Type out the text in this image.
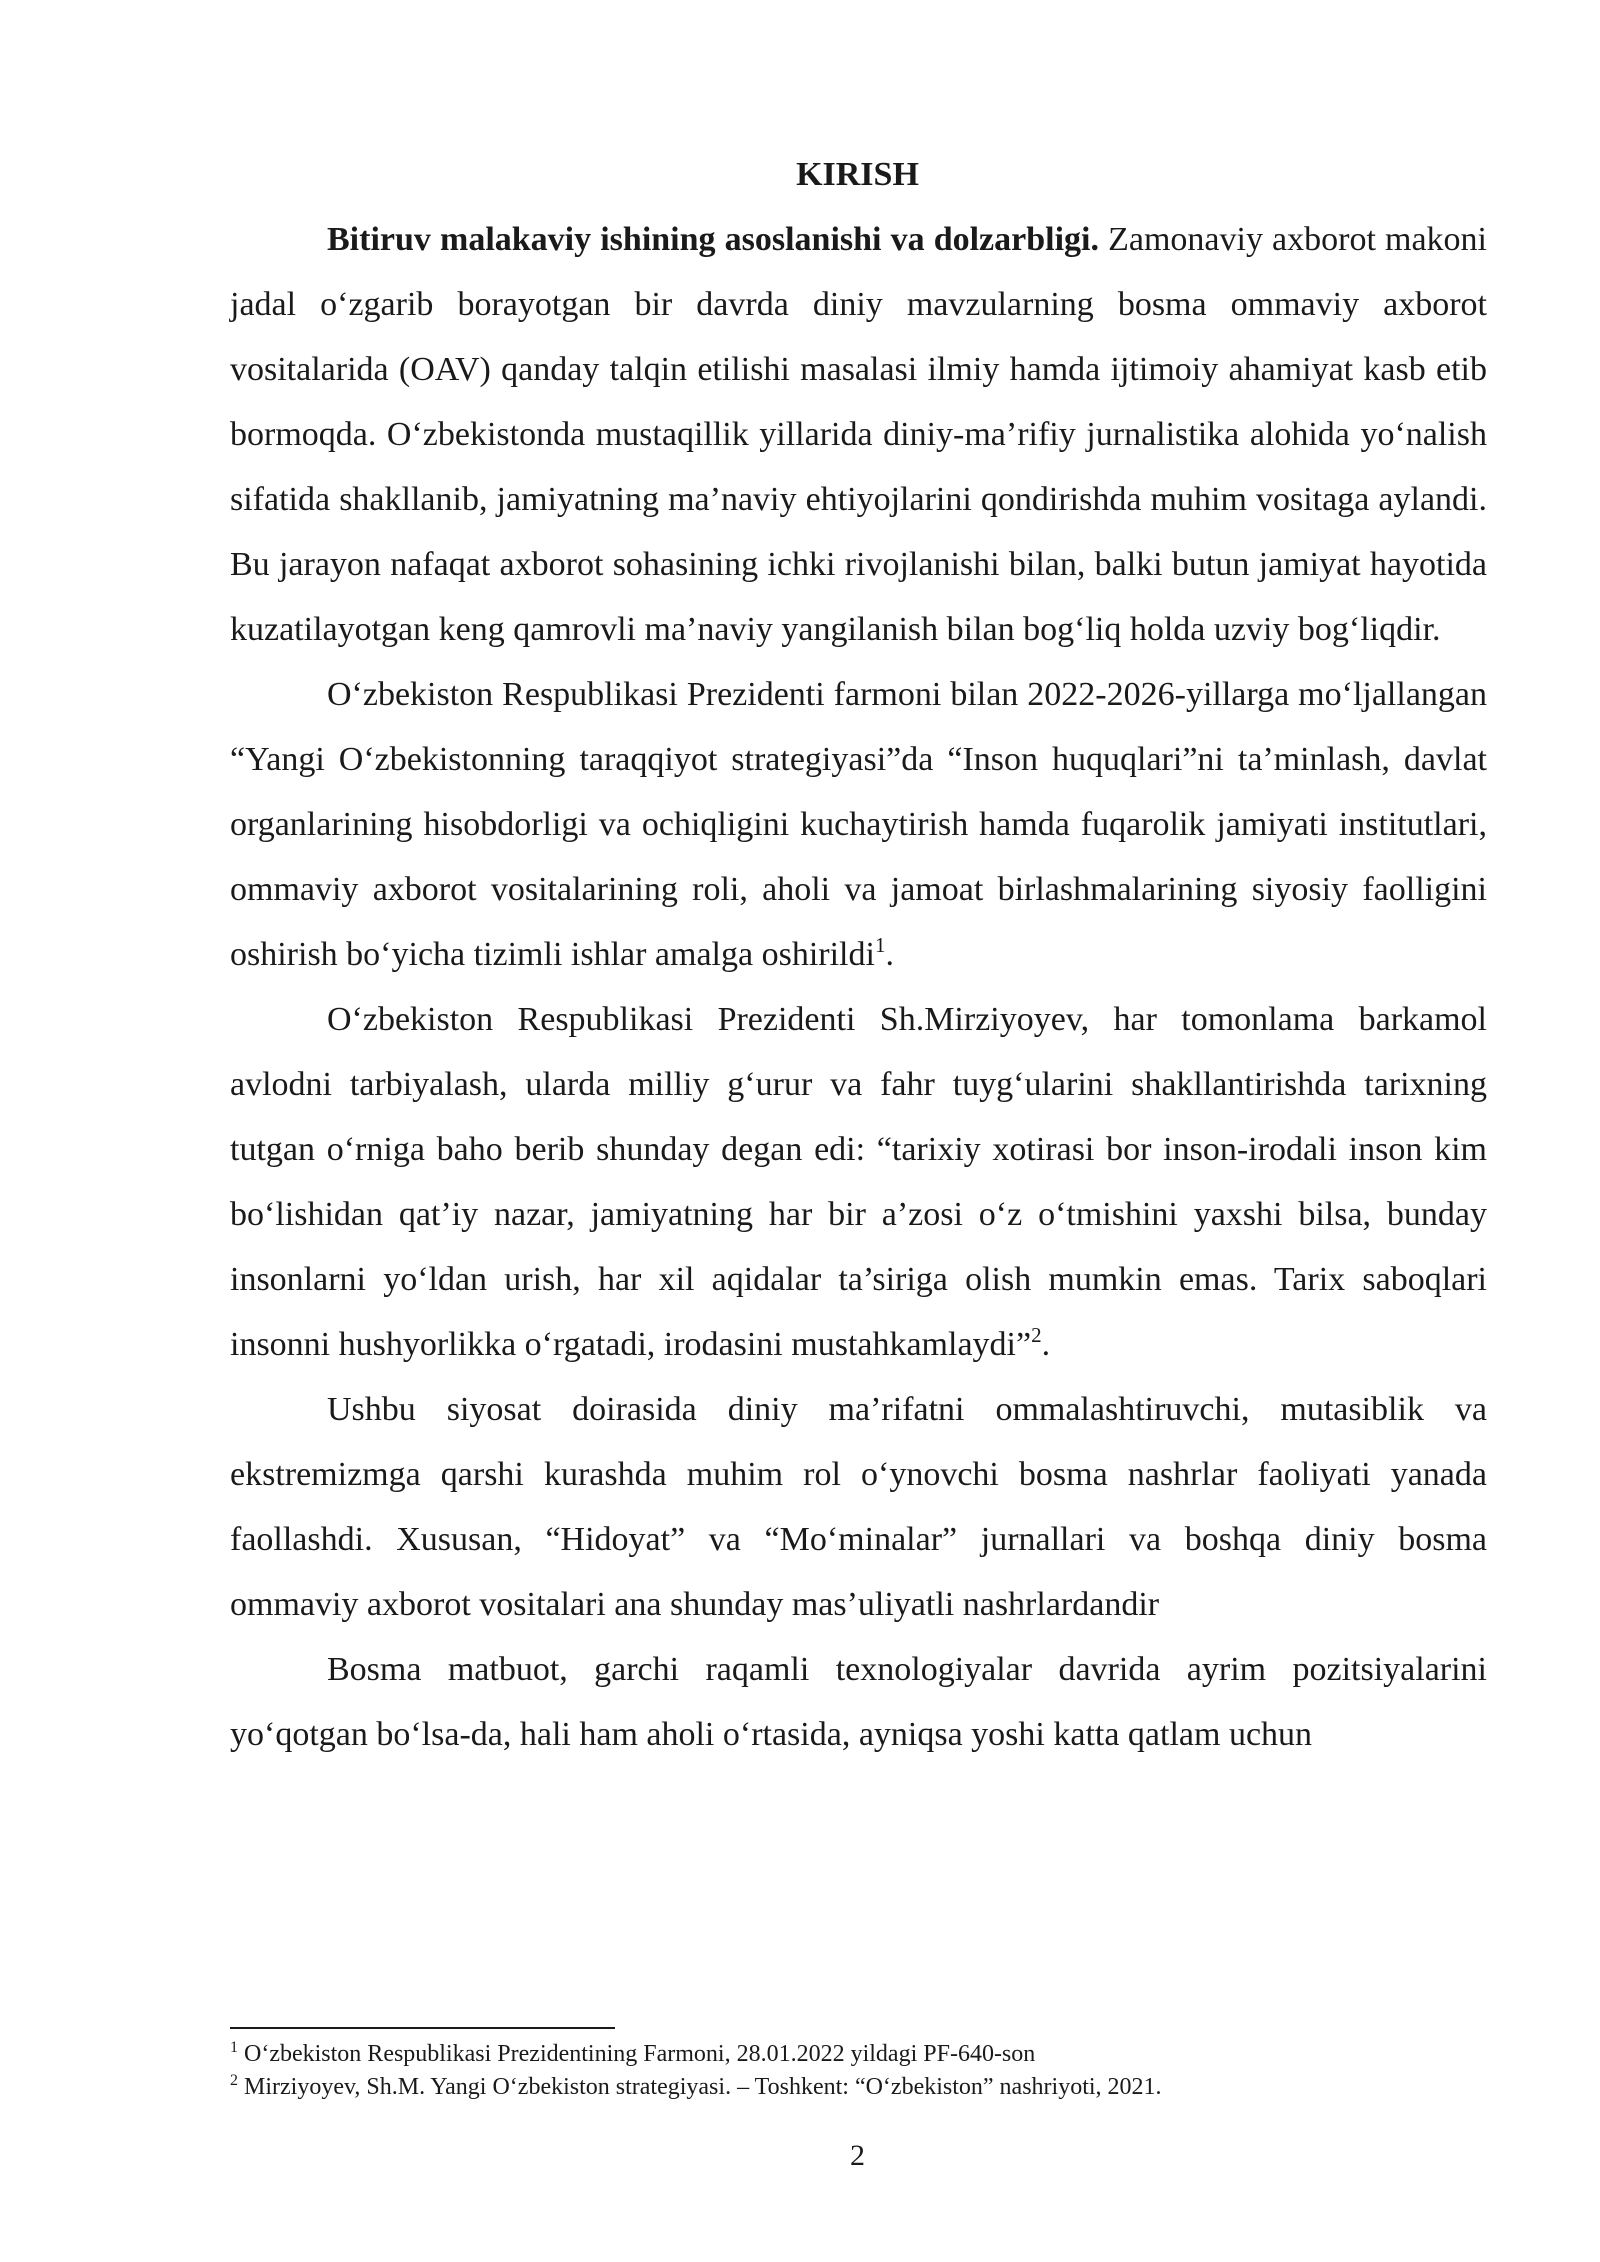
KIRISH

Bitiruv malakaviy ishining asoslanishi va dolzarbligi. Zamonaviy axborot makoni jadal o‘zgarib borayotgan bir davrda diniy mavzularning bosma ommaviy axborot vositalarida (OAV) qanday talqin etilishi masalasi ilmiy hamda ijtimoiy ahamiyat kasb etib bormoqda. O‘zbekistonda mustaqillik yillarida diniy-ma’rifiy jurnalistika alohida yo‘nalish sifatida shakllanib, jamiyatning ma’naviy ehtiyojlarini qondirishda muhim vositaga aylandi. Bu jarayon nafaqat axborot sohasining ichki rivojlanishi bilan, balki butun jamiyat hayotida kuzatilayotgan keng qamrovli ma’naviy yangilanish bilan bog‘liq holda uzviy bog‘liqdir.

O‘zbekiston Respublikasi Prezidenti farmoni bilan 2022-2026-yillarga mo‘ljallangan “Yangi O‘zbekistonning taraqqiyot strategiyasi”da “Inson huquqlari”ni ta’minlash, davlat organlarining hisobdorligi va ochiqligini kuchaytirish hamda fuqarolik jamiyati institutlari, ommaviy axborot vositalarining roli, aholi va jamoat birlashmalarining siyosiy faolligini oshirish bo‘yicha tizimli ishlar amalga oshirildi$^1$.

O‘zbekiston Respublikasi Prezidenti Sh.Mirziyoyev, har tomonlama barkamol avlodni tarbiyalash, ularda milliy g‘urur va fahr tuyg‘ularini shakllantirishda tarixning tutgan o‘rniga baho berib shunday degan edi: “tarixiy xotirasi bor inson-irodali inson kim bo‘lishidan qat’iy nazar, jamiyatning har bir a’zosi o‘z o‘tmishini yaxshi bilsa, bunday insonlarni yo‘ldan urish, har xil aqidalar ta’siriga olish mumkin emas. Tarix saboqlari insonni hushyorlikka o‘rgatadi, irodasini mustahkamlaydi”$^2$.

Ushbu siyosat doirasida diniy ma’rifatni ommalashtiruvchi, mutasiblik va ekstremizmga qarshi kurashda muhim rol o‘ynovchi bosma nashrlar faoliyati yanada faollashdi. Xususan, “Hidoyat” va “Mo‘minalar” jurnallari va boshqa diniy bosma ommaviy axborot vositalari ana shunday mas’uliyatli nashrlardandir

Bosma matbuot, garchi raqamli texnologiyalar davrida ayrim pozitsiyalarini yo‘qotgan bo‘lsa-da, hali ham aholi o‘rtasida, ayniqsa yoshi katta qatlam uchun

$^1$ O‘zbekiston Respublikasi Prezidentining Farmoni, 28.01.2022 yildagi PF-640-son

$^2$ Mirziyoyev, Sh.M. Yangi O‘zbekiston strategiyasi. – Toshkent: “O‘zbekiston” nashriyoti, 2021.

2
